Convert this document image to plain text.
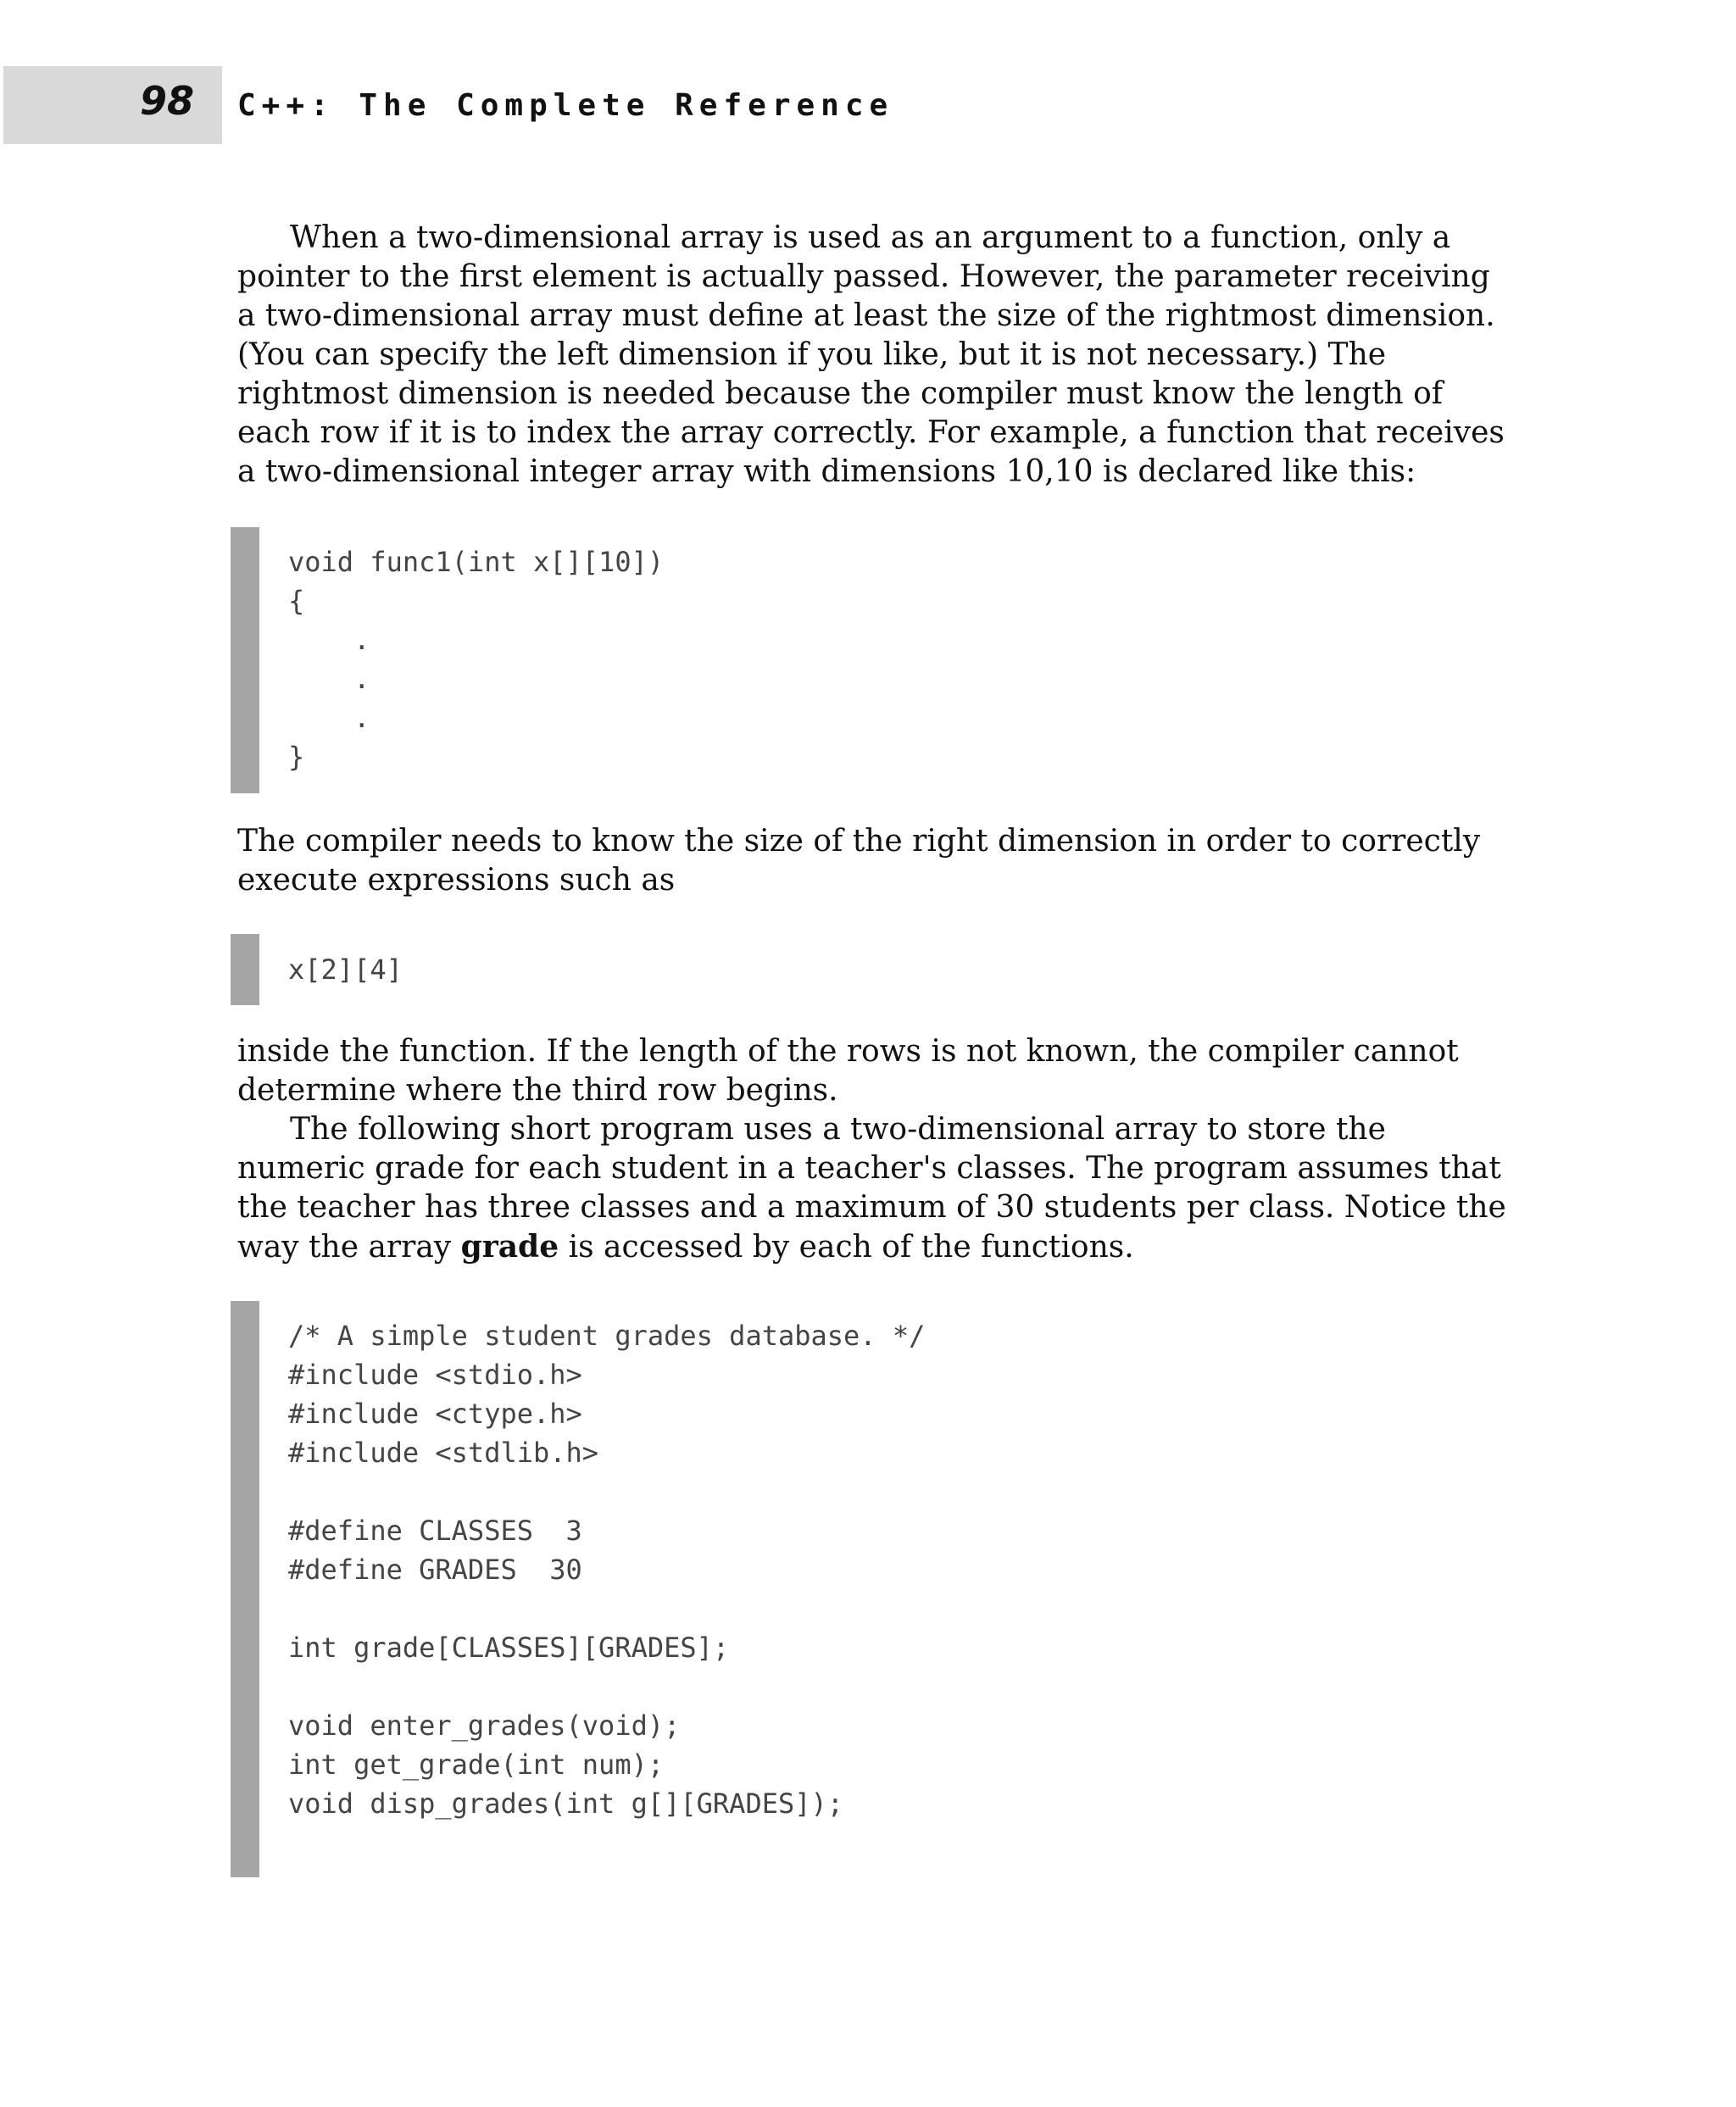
98 C++: The Complete Reference

When a two-dimensional array is used as an argument to a function, only a pointer to the first element is actually passed. However, the parameter receiving a two-dimensional array must define at least the size of the rightmost dimension. (You can specify the left dimension if you like, but it is not necessary.) The rightmost dimension is needed because the compiler must know the length of each row if it is to index the array correctly. For example, a function that receives a two-dimensional integer array with dimensions 10,10 is declared like this:

void func1(int x[][10])
{
.
.
.
}

The compiler needs to know the size of the right dimension in order to correctly execute expressions such as

x[2][4]

inside the function. If the length of the rows is not known, the compiler cannot determine where the third row begins.

The following short program uses a two-dimensional array to store the numeric grade for each student in a teacher's classes. The program assumes that the teacher has three classes and a maximum of 30 students per class. Notice the way the array grade is accessed by each of the functions.

/* A simple student grades database. */
#include <stdio.h>
#include <ctype.h>
#include <stdlib.h>
#define CLASSES  3
#define GRADES  30
int grade[CLASSES][GRADES];
void enter_grades(void);
int get_grade(int num);
void disp_grades(int g[][GRADES]);
